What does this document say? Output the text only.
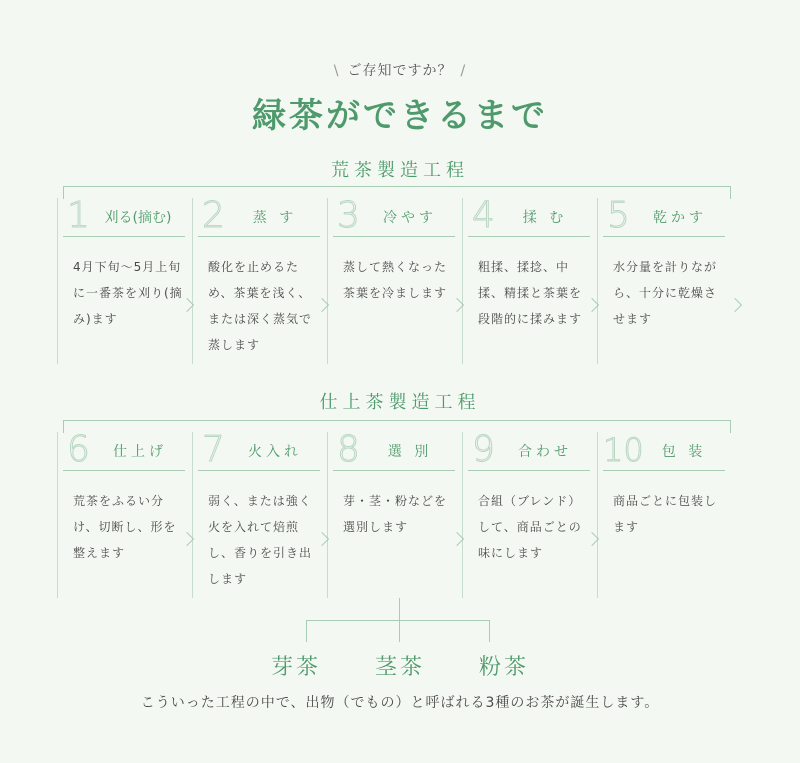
\ ご存知ですか？ /
緑茶ができるまで
荒茶製造工程
1	刈る(摘む)
4月下旬～5月上旬に一番茶を刈り(摘み)ます
2	蒸 す
酸化を止めるため、茶葉を浅く、または深く蒸気で蒸します
3	冷やす
蒸して熱くなった茶葉を冷まします
4	揉 む
粗揉、揉捻、中揉、精揉と茶葉を段階的に揉みます
5	乾かす
水分量を計りながら、十分に乾燥させます
仕上茶製造工程
6	仕上げ
荒茶をふるい分け、切断し、形を整えます
7	火入れ
弱く、または強く火を入れて焙煎し、香りを引き出します
8	選 別
芽・茎・粉などを選別します
9	合わせ
合組（ブレンド）して、商品ごとの味にします
10	包 装
商品ごとに包装します
芽茶 茎茶 粉茶
こういった工程の中で、出物（でもの）と呼ばれる3種のお茶が誕生します。
